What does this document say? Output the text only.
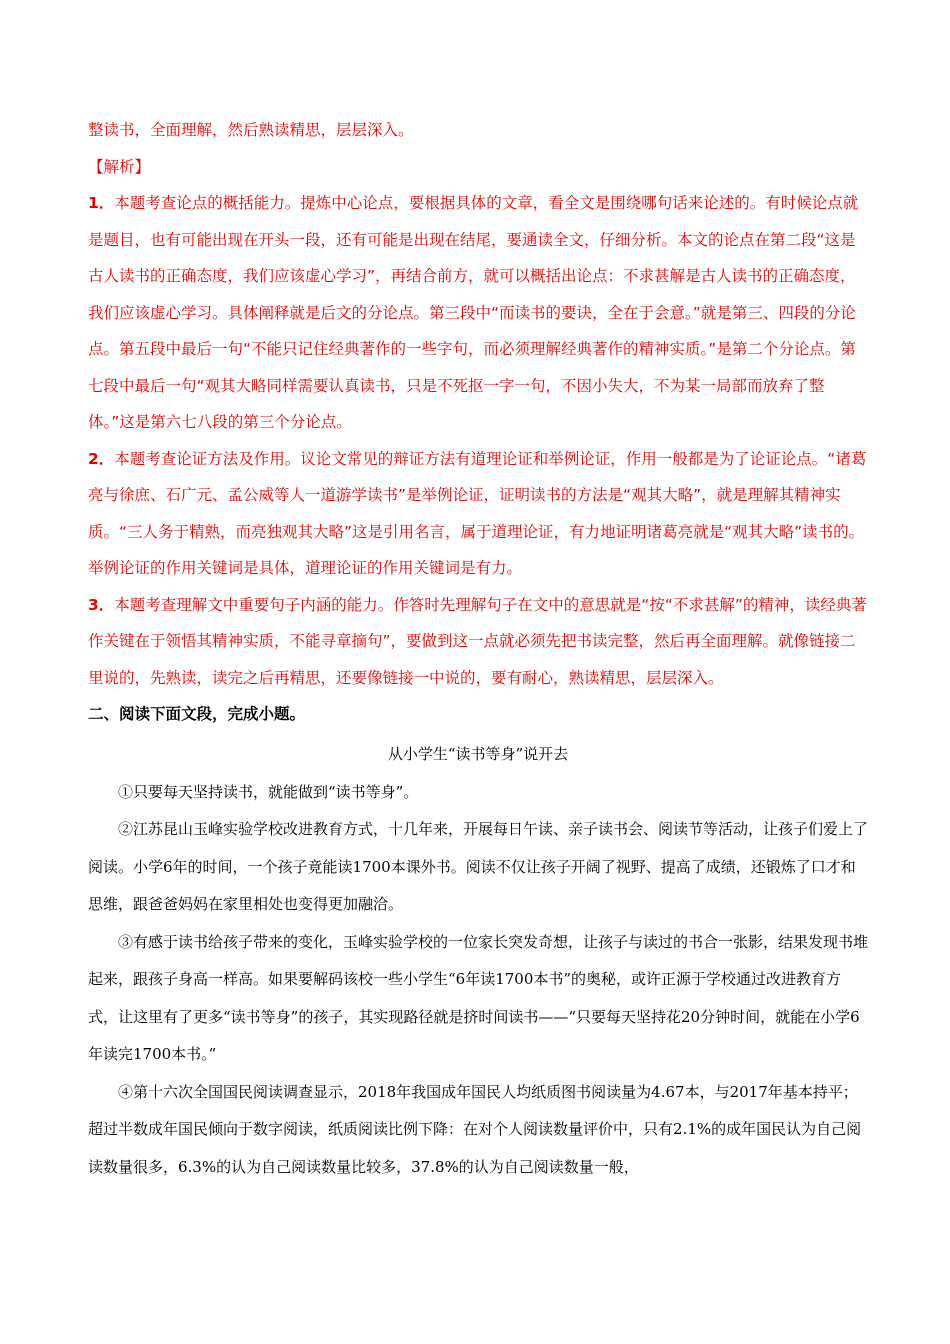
整读书，全面理解，然后熟读精思，层层深入。

【解析】

1．本题考查论点的概括能力。提炼中心论点，要根据具体的文章，看全文是围绕哪句话来论述的。有时候论点就是题目，也有可能出现在开头一段，还有可能是出现在结尾，要通读全文，仔细分析。本文的论点在第二段“这是古人读书的正确态度，我们应该虚心学习”，再结合前方，就可以概括出论点：不求甚解是古人读书的正确态度，我们应该虚心学习。具体阐释就是后文的分论点。第三段中“而读书的要诀，全在于会意。”就是第三、四段的分论点。第五段中最后一句“不能只记住经典著作的一些字句，而必须理解经典著作的精神实质。”是第二个分论点。第七段中最后一句“观其大略同样需要认真读书，只是不死抠一字一句，不因小失大，不为某一局部而放弃了整体。”这是第六七八段的第三个分论点。

2．本题考查论证方法及作用。议论文常见的辩证方法有道理论证和举例论证，作用一般都是为了论证论点。“诸葛亮与徐庶、石广元、孟公威等人一道游学读书”是举例论证，证明读书的方法是“观其大略”，就是理解其精神实质。“三人务于精熟，而亮独观其大略”这是引用名言，属于道理论证，有力地证明诸葛亮就是“观其大略”读书的。举例论证的作用关键词是具体，道理论证的作用关键词是有力。

3．本题考查理解文中重要句子内涵的能力。作答时先理解句子在文中的意思就是“按“不求甚解”的精神，读经典著作关键在于领悟其精神实质，不能寻章摘句”，要做到这一点就必须先把书读完整，然后再全面理解。就像链接二里说的，先熟读，读完之后再精思，还要像链接一中说的，要有耐心，熟读精思，层层深入。

二、阅读下面文段，完成小题。

从小学生“读书等身”说开去

①只要每天坚持读书，就能做到“读书等身”。

②江苏昆山玉峰实验学校改进教育方式，十几年来，开展每日午读、亲子读书会、阅读节等活动，让孩子们爱上了阅读。小学6年的时间，一个孩子竟能读1700本课外书。阅读不仅让孩子开阔了视野、提高了成绩，还锻炼了口才和思维，跟爸爸妈妈在家里相处也变得更加融洽。

③有感于读书给孩子带来的变化，玉峰实验学校的一位家长突发奇想，让孩子与读过的书合一张影，结果发现书堆起来，跟孩子身高一样高。如果要解码该校一些小学生“6年读1700本书”的奥秘，或许正源于学校通过改进教育方式，让这里有了更多“读书等身”的孩子，其实现路径就是挤时间读书——“只要每天坚持花20分钟时间，就能在小学6年读完1700本书。”

④第十六次全国国民阅读调查显示，2018年我国成年国民人均纸质图书阅读量为4.67本，与2017年基本持平；超过半数成年国民倾向于数字阅读，纸质阅读比例下降：在对个人阅读数量评价中，只有2.1%的成年国民认为自己阅读数量很多，6.3%的认为自己阅读数量比较多，37.8%的认为自己阅读数量一般，
